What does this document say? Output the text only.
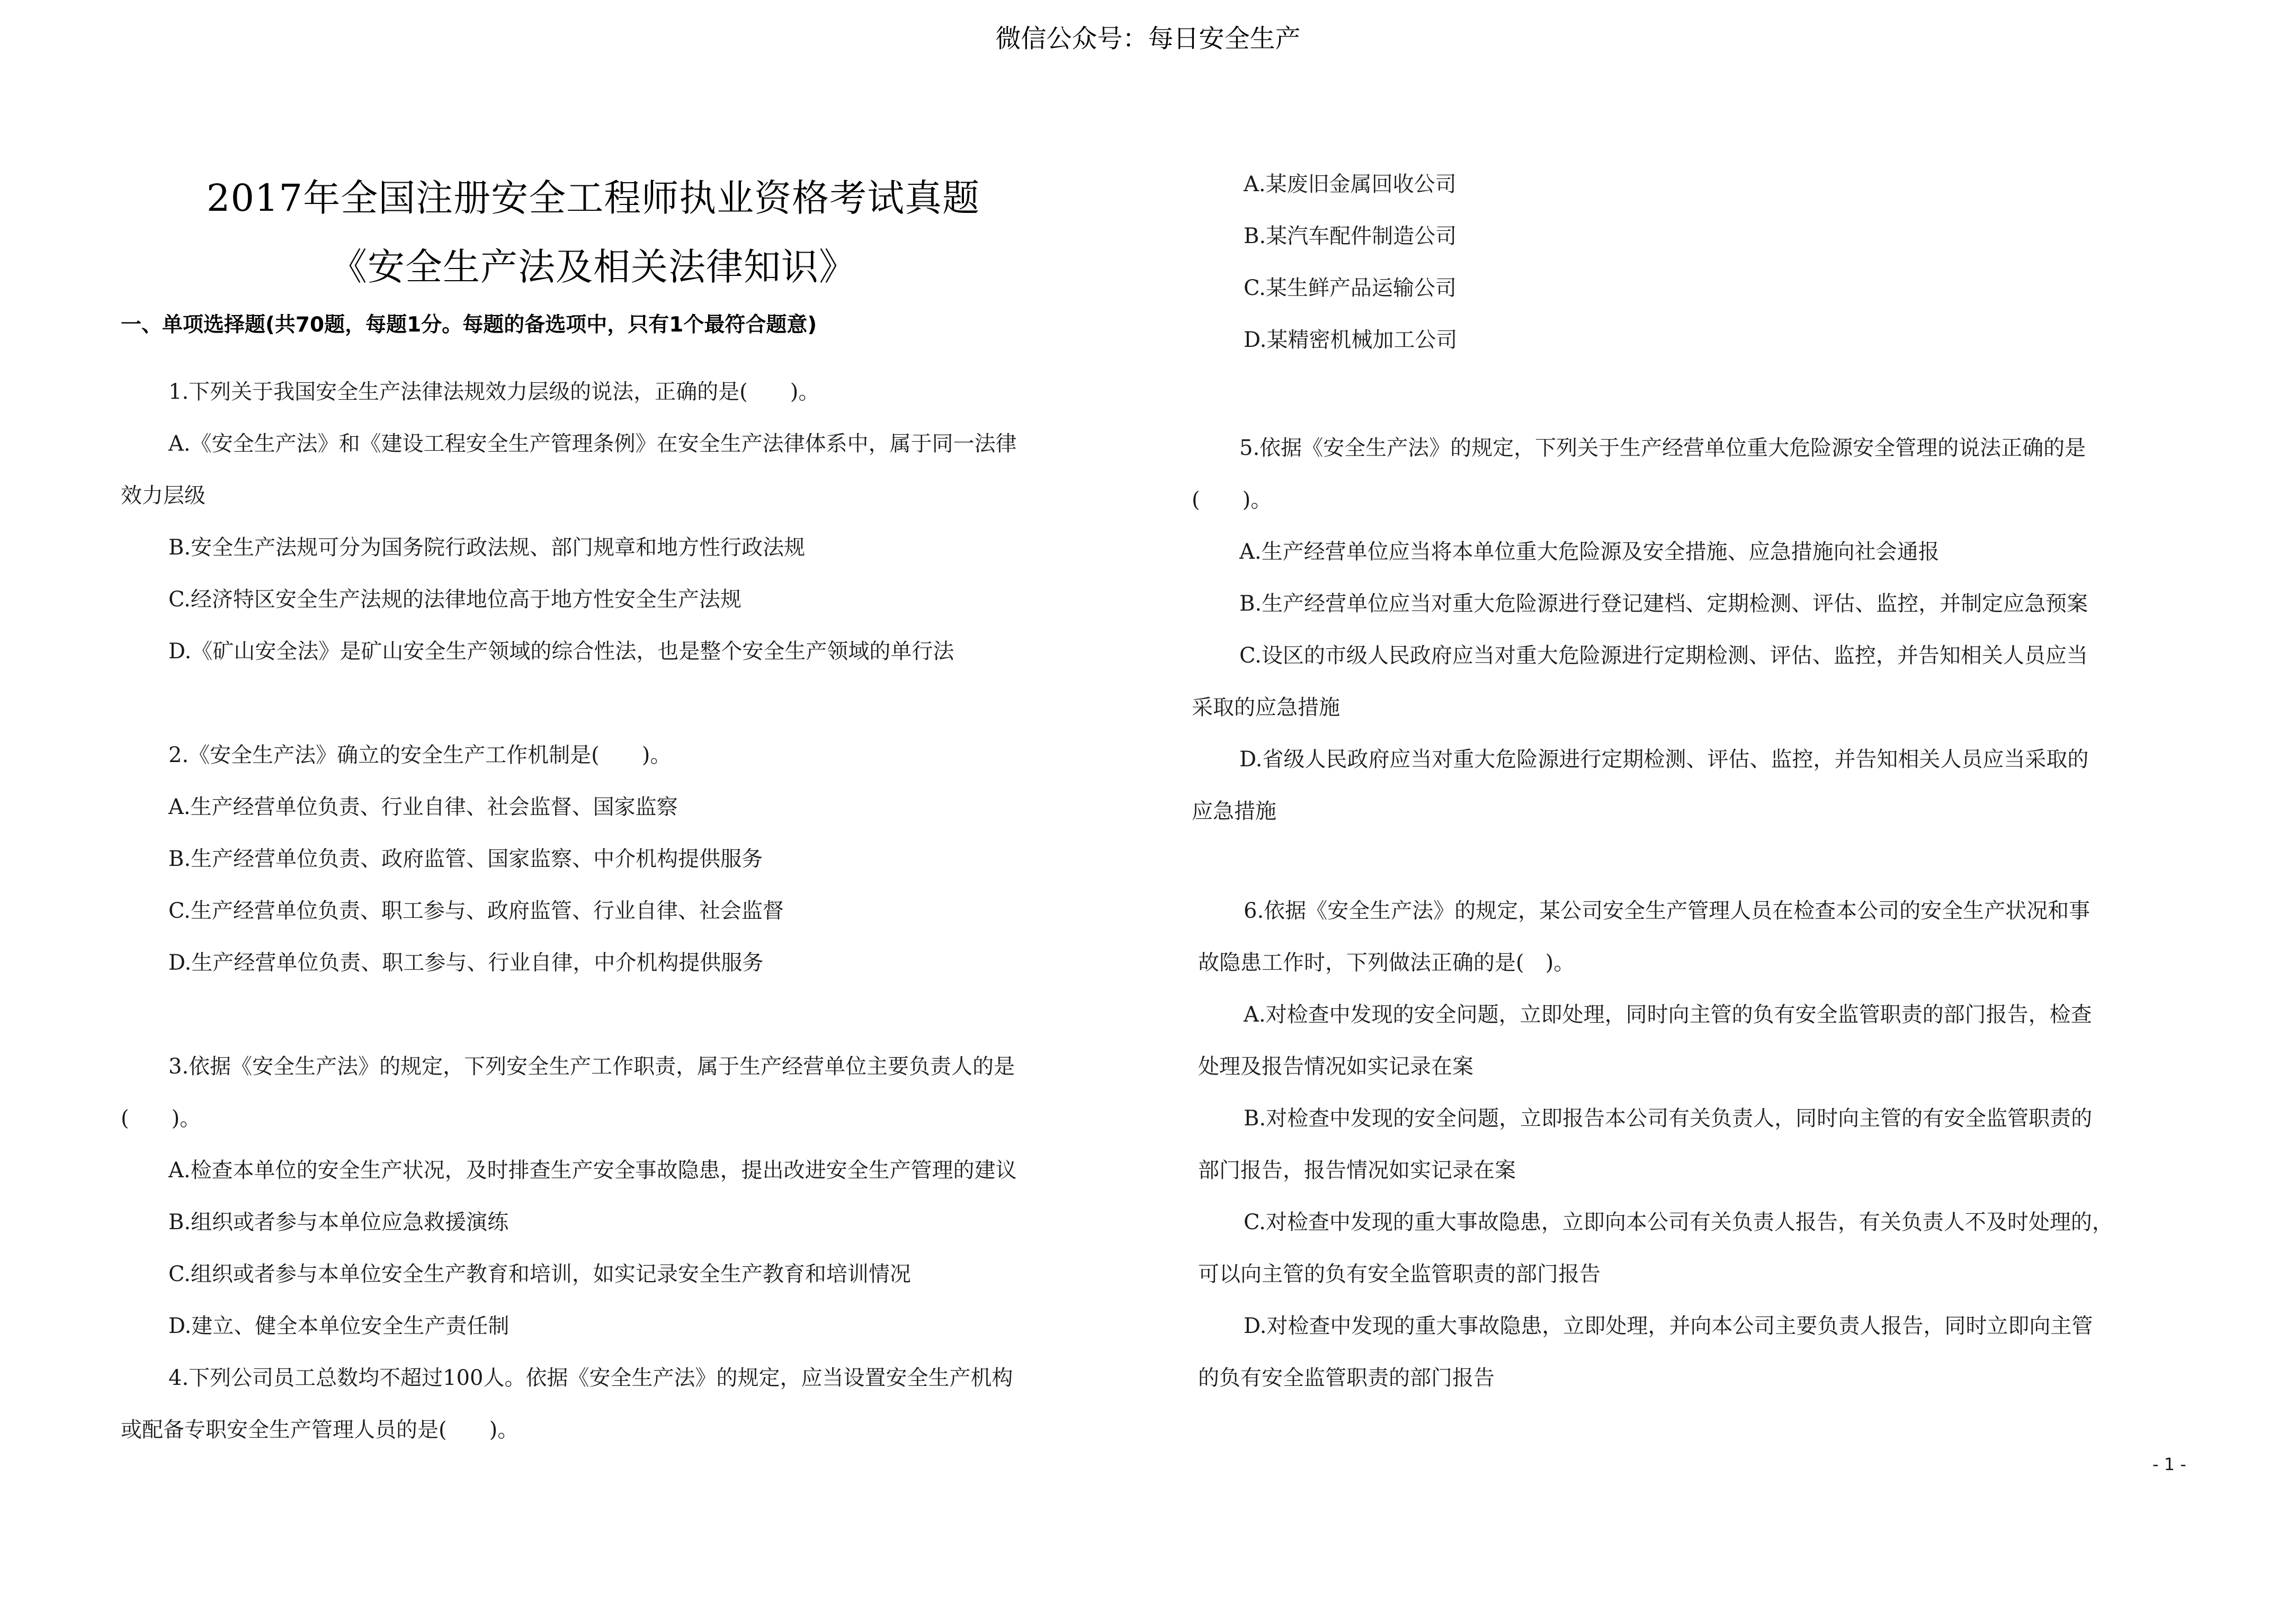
微信公众号：每日安全生产
2017年全国注册安全工程师执业资格考试真题
《安全生产法及相关法律知识》
一、单项选择题(共70题，每题1分。每题的备选项中，只有1个最符合题意)
1.下列关于我国安全生产法律法规效力层级的说法，正确的是(　　)。
A.《安全生产法》和《建设工程安全生产管理条例》在安全生产法律体系中，属于同一法律
效力层级
B.安全生产法规可分为国务院行政法规、部门规章和地方性行政法规
C.经济特区安全生产法规的法律地位高于地方性安全生产法规
D.《矿山安全法》是矿山安全生产领域的综合性法，也是整个安全生产领域的单行法
2.《安全生产法》确立的安全生产工作机制是(　　)。
A.生产经营单位负责、行业自律、社会监督、国家监察
B.生产经营单位负责、政府监管、国家监察、中介机构提供服务
C.生产经营单位负责、职工参与、政府监管、行业自律、社会监督
D.生产经营单位负责、职工参与、行业自律，中介机构提供服务
3.依据《安全生产法》的规定，下列安全生产工作职责，属于生产经营单位主要负责人的是
(　　)。
A.检查本单位的安全生产状况，及时排查生产安全事故隐患，提出改进安全生产管理的建议
B.组织或者参与本单位应急救援演练
C.组织或者参与本单位安全生产教育和培训，如实记录安全生产教育和培训情况
D.建立、健全本单位安全生产责任制
4.下列公司员工总数均不超过100人。依据《安全生产法》的规定，应当设置安全生产机构
或配备专职安全生产管理人员的是(　　)。
A.某废旧金属回收公司
B.某汽车配件制造公司
C.某生鲜产品运输公司
D.某精密机械加工公司
5.依据《安全生产法》的规定，下列关于生产经营单位重大危险源安全管理的说法正确的是
(　　)。
A.生产经营单位应当将本单位重大危险源及安全措施、应急措施向社会通报
B.生产经营单位应当对重大危险源进行登记建档、定期检测、评估、监控，并制定应急预案
C.设区的市级人民政府应当对重大危险源进行定期检测、评估、监控，并告知相关人员应当
采取的应急措施
D.省级人民政府应当对重大危险源进行定期检测、评估、监控，并告知相关人员应当采取的
应急措施
6.依据《安全生产法》的规定，某公司安全生产管理人员在检查本公司的安全生产状况和事
故隐患工作时，下列做法正确的是(　)。
A.对检查中发现的安全问题，立即处理，同时向主管的负有安全监管职责的部门报告，检查
处理及报告情况如实记录在案
B.对检查中发现的安全问题，立即报告本公司有关负责人，同时向主管的有安全监管职责的
部门报告，报告情况如实记录在案
C.对检查中发现的重大事故隐患，立即向本公司有关负责人报告，有关负责人不及时处理的，
可以向主管的负有安全监管职责的部门报告
D.对检查中发现的重大事故隐患，立即处理，并向本公司主要负责人报告，同时立即向主管
的负有安全监管职责的部门报告
- 1 -
